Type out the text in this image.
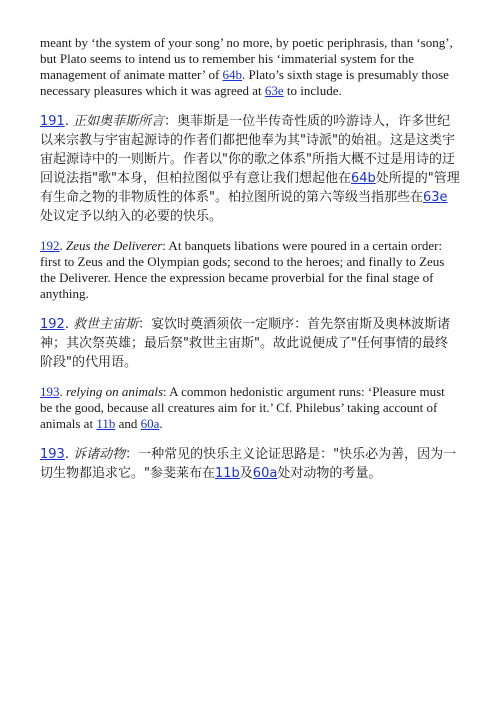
meant by ‘the system of your song’ no more, by poetic periphrasis, than ‘song’, but Plato seems to intend us to remember his ‘immaterial system for the management of animate matter’ of 64b. Plato’s sixth stage is presumably those necessary pleasures which it was agreed at 63e to include.

191. 正如奥菲斯所言：奥菲斯是一位半传奇性质的吟游诗人，许多世纪以来宗教与宇宙起源诗的作者们都把他奉为其"诗派"的始祖。这是这类宇宙起源诗中的一则断片。作者以"你的歌之体系"所指大概不过是用诗的迂回说法指"歌"本身，但柏拉图似乎有意让我们想起他在64b处所提的"管理有生命之物的非物质性的体系"。柏拉图所说的第六等级当指那些在63e处议定予以纳入的必要的快乐。

192. Zeus the Deliverer: At banquets libations were poured in a certain order: first to Zeus and the Olympian gods; second to the heroes; and finally to Zeus the Deliverer. Hence the expression became proverbial for the final stage of anything.

192. 救世主宙斯：宴饮时奠酒须依一定顺序：首先祭宙斯及奥林波斯诸神；其次祭英雄；最后祭"救世主宙斯"。故此说便成了"任何事情的最终阶段"的代用语。

193. relying on animals: A common hedonistic argument runs: ‘Pleasure must be the good, because all creatures aim for it.’ Cf. Philebus’ taking account of animals at 11b and 60a.

193. 诉诸动物：一种常见的快乐主义论证思路是："快乐必为善，因为一切生物都追求它。"参斐莱布在11b及60a处对动物的考量。
